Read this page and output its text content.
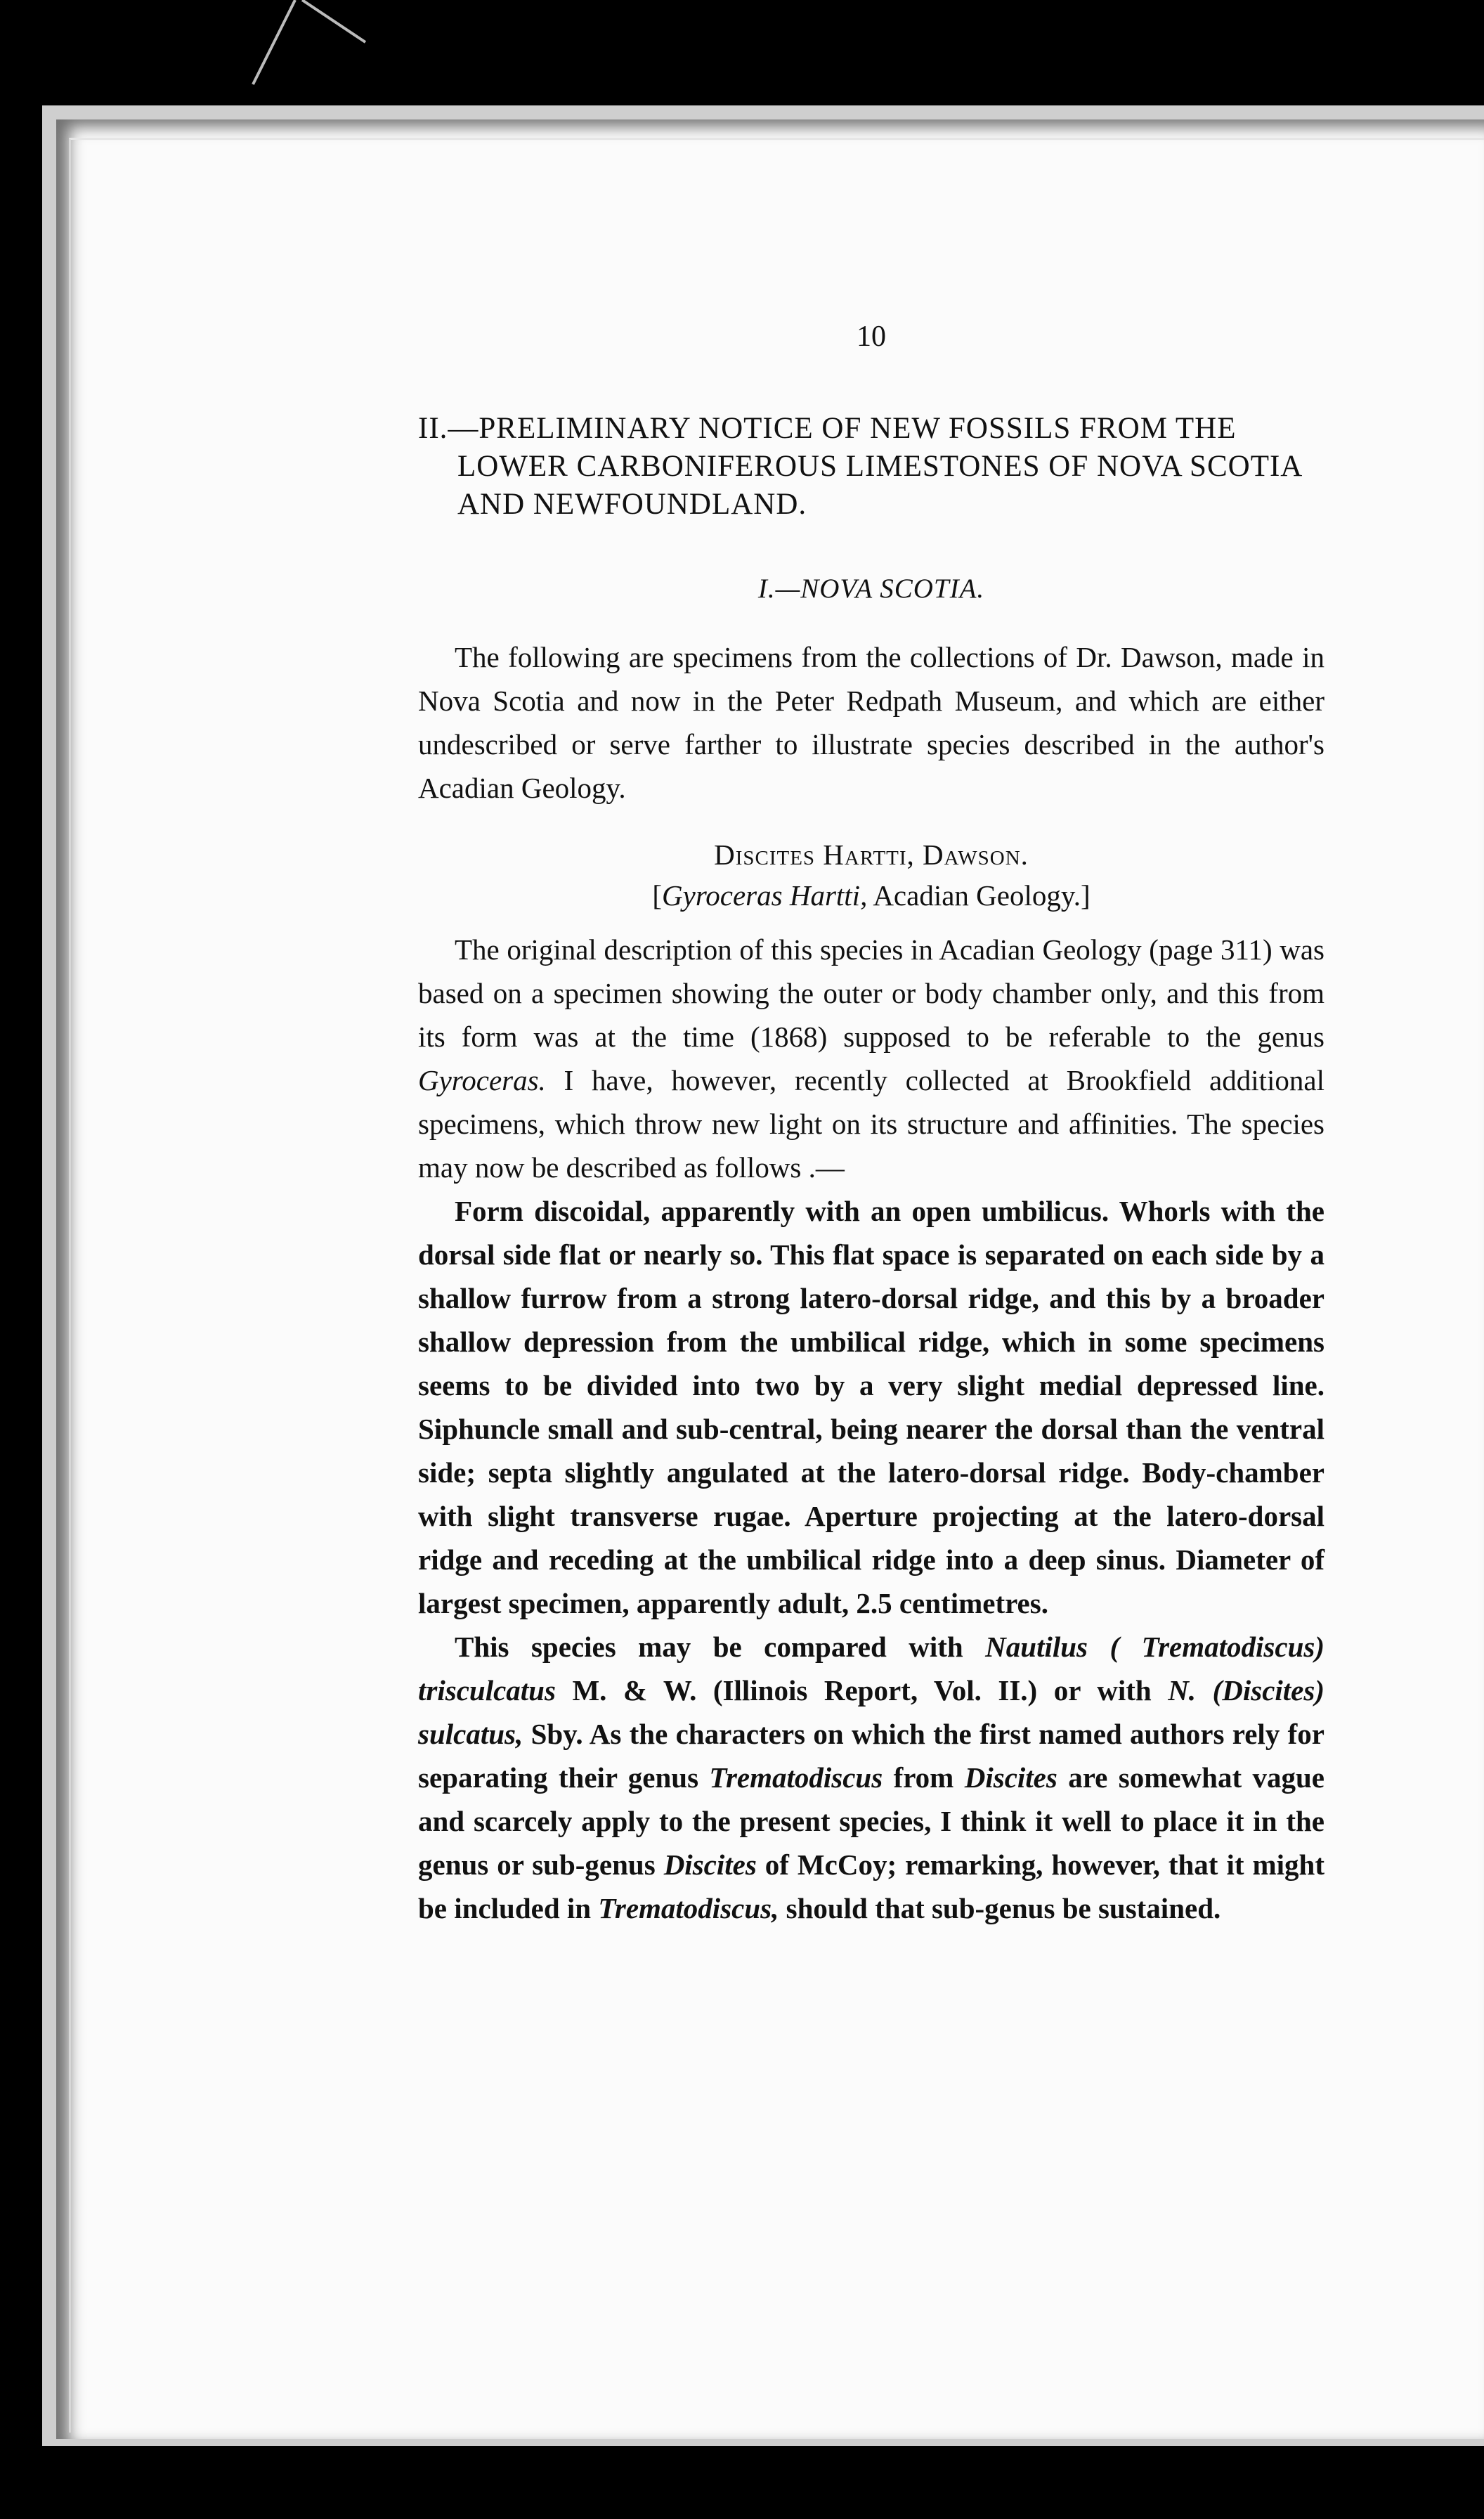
10
II.—PRELIMINARY NOTICE OF NEW FOSSILS FROM THE LOWER CARBONIFEROUS LIMESTONES OF NOVA SCOTIA AND NEWFOUNDLAND.
I.—NOVA SCOTIA.

The following are specimens from the collections of Dr. Dawson, made in Nova Scotia and now in the Peter Redpath Museum, and which are either undescribed or serve farther to illustrate species described in the author's Acadian Geology.

Discites Hartti, Dawson.
[Gyroceras Hartti, Acadian Geology.]

The original description of this species in Acadian Geology (page 311) was based on a specimen showing the outer or body chamber only, and this from its form was at the time (1868) supposed to be referable to the genus Gyroceras. I have, however, recently collected at Brookfield additional specimens, which throw new light on its structure and affinities. The species may now be described as follows .—

Form discoidal, apparently with an open umbilicus. Whorls with the dorsal side flat or nearly so. This flat space is separated on each side by a shallow furrow from a strong latero-dorsal ridge, and this by a broader shallow depression from the umbilical ridge, which in some specimens seems to be divided into two by a very slight medial depressed line. Siphuncle small and sub-central, being nearer the dorsal than the ventral side; septa slightly angulated at the latero-dorsal ridge. Body-chamber with slight transverse rugae. Aperture projecting at the latero-dorsal ridge and receding at the umbilical ridge into a deep sinus. Diameter of largest specimen, apparently adult, 2.5 centimetres.

This species may be compared with Nautilus ( Trematodiscus) trisculcatus M. & W. (Illinois Report, Vol. II.) or with N. (Discites) sulcatus, Sby. As the characters on which the first named authors rely for separating their genus Trematodiscus from Discites are somewhat vague and scarcely apply to the present species, I think it well to place it in the genus or sub-genus Discites of McCoy; remarking, however, that it might be included in Trematodiscus, should that sub-genus be sustained.
